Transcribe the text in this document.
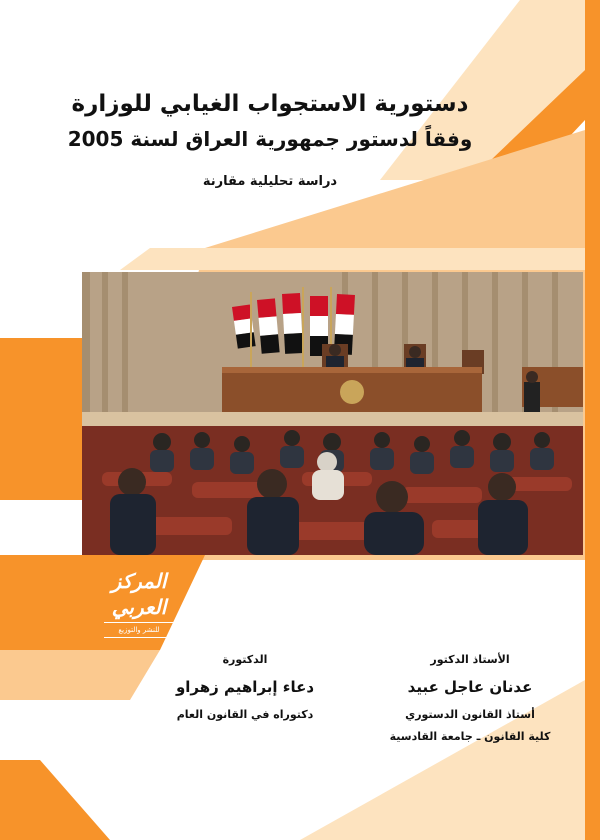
دستورية الاستجواب الغيابي للوزارة
وفقاً لدستور جمهورية العراق لسنة 2005
دراسة تحليلية مقارنة
المركز العربي
للنشر والتوزيع
الأستاذ الدكتور
عدنان عاجل عبيد
أستاذ القانون الدستوري
كلية القانون ـ جامعة القادسية
الدكتورة
دعاء إبراهيم زهراو
دكتوراه في القانون العام
